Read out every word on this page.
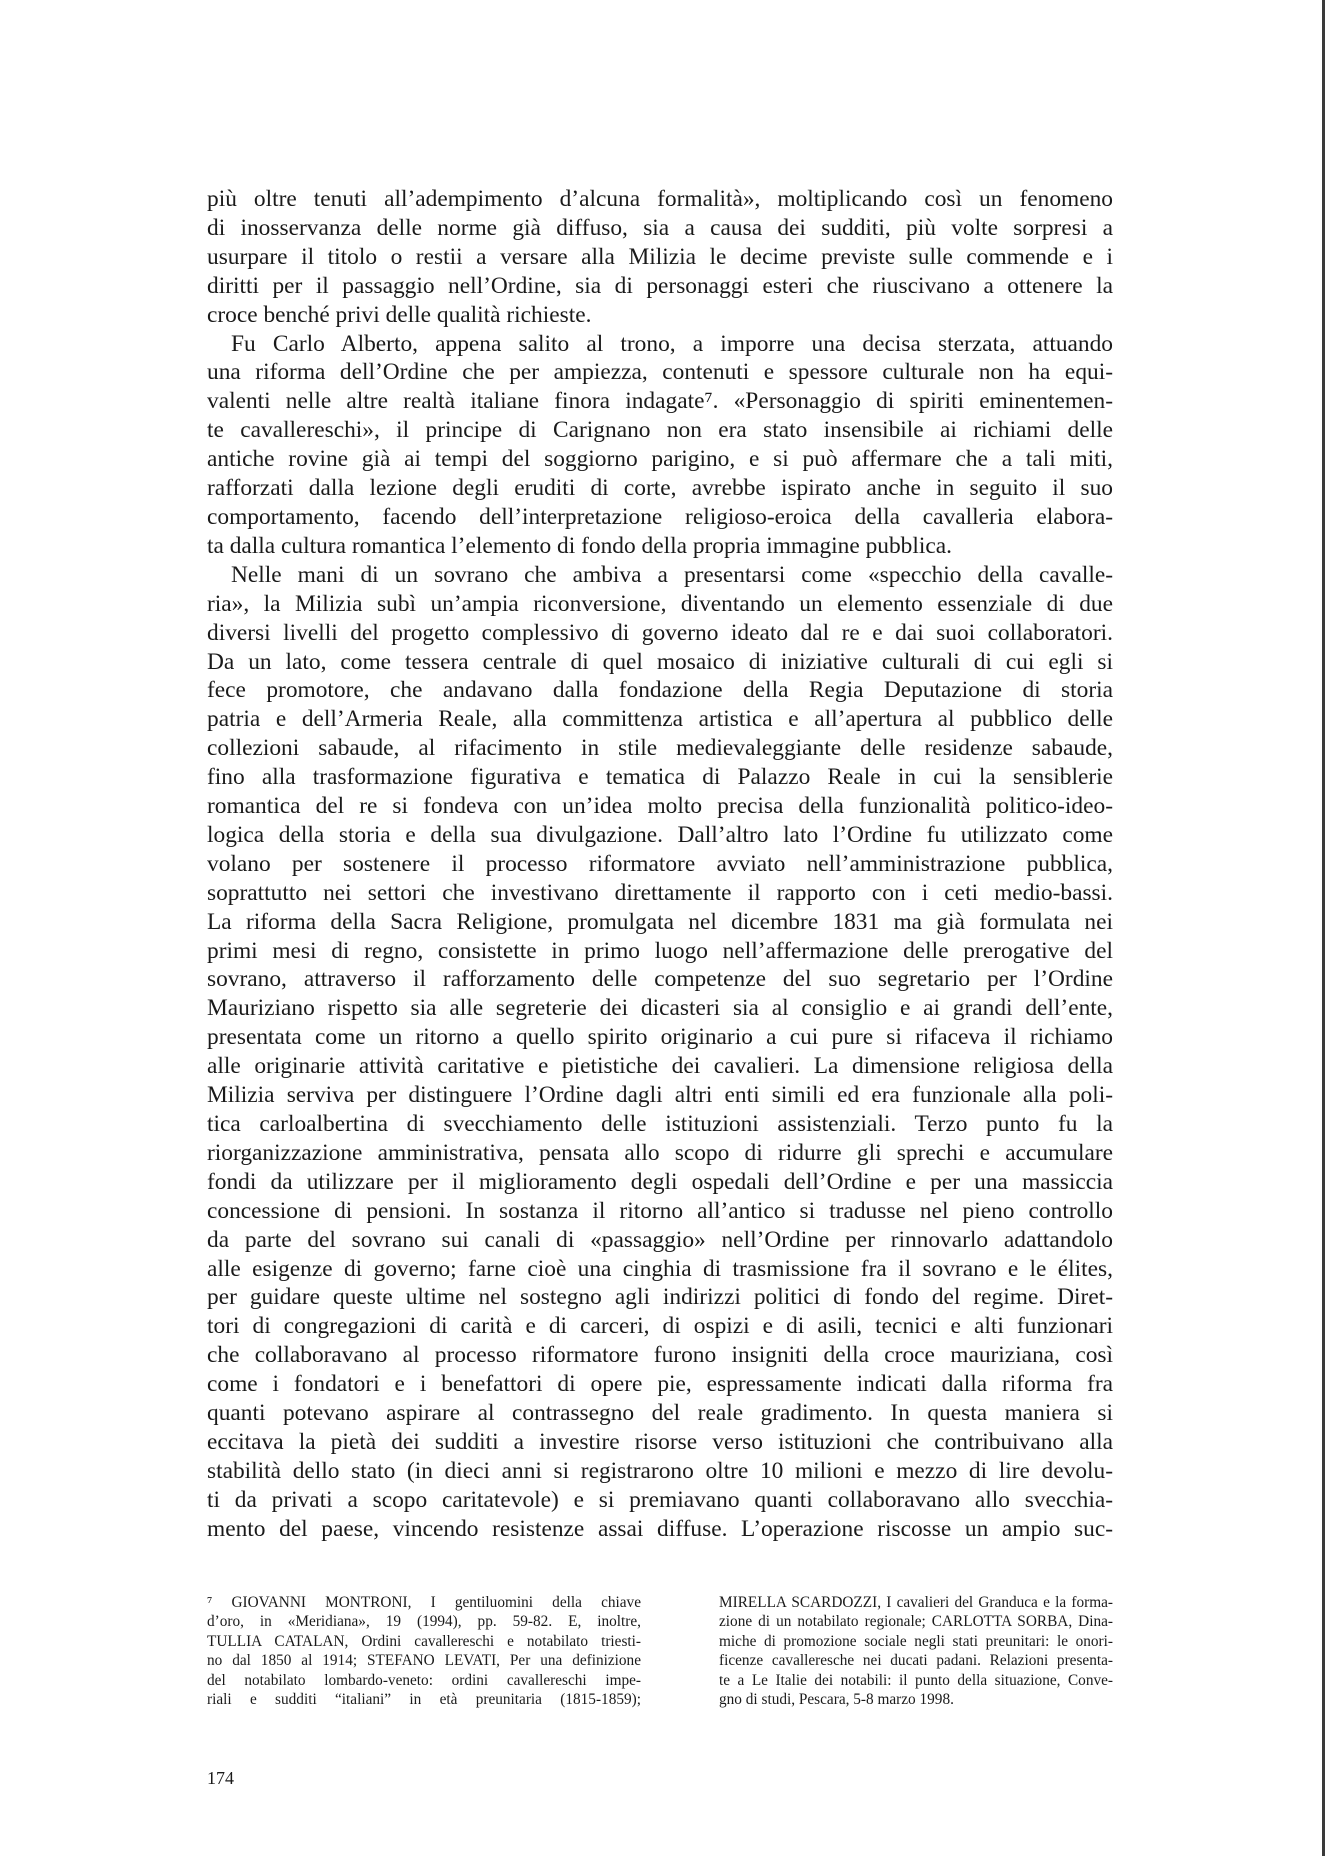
più oltre tenuti all’adempimento d’alcuna formalità», moltiplicando così un fenomeno
di inosservanza delle norme già diffuso, sia a causa dei sudditi, più volte sorpresi a
usurpare il titolo o restii a versare alla Milizia le decime previste sulle commende e i
diritti per il passaggio nell’Ordine, sia di personaggi esteri che riuscivano a ottenere la

croce benché privi delle qualità richieste.

Fu Carlo Alberto, appena salito al trono, a imporre una decisa sterzata, attuando
una riforma dell’Ordine che per ampiezza, contenuti e spessore culturale non ha equi-
valenti nelle altre realtà italiane finora indagate⁷. «Personaggio di spiriti eminentemen-
te cavallereschi», il principe di Carignano non era stato insensibile ai richiami delle
antiche rovine già ai tempi del soggiorno parigino, e si può affermare che a tali miti,
rafforzati dalla lezione degli eruditi di corte, avrebbe ispirato anche in seguito il suo
comportamento, facendo dell’interpretazione religioso-eroica della cavalleria elabora-

ta dalla cultura romantica l’elemento di fondo della propria immagine pubblica.

Nelle mani di un sovrano che ambiva a presentarsi come «specchio della cavalle-
ria», la Milizia subì un’ampia riconversione, diventando un elemento essenziale di due
diversi livelli del progetto complessivo di governo ideato dal re e dai suoi collaboratori.
Da un lato, come tessera centrale di quel mosaico di iniziative culturali di cui egli si
fece promotore, che andavano dalla fondazione della Regia Deputazione di storia
patria e dell’Armeria Reale, alla committenza artistica e all’apertura al pubblico delle
collezioni sabaude, al rifacimento in stile medievaleggiante delle residenze sabaude,
fino alla trasformazione figurativa e tematica di Palazzo Reale in cui la sensiblerie
romantica del re si fondeva con un’idea molto precisa della funzionalità politico-ideo-
logica della storia e della sua divulgazione. Dall’altro lato l’Ordine fu utilizzato come
volano per sostenere il processo riformatore avviato nell’amministrazione pubblica,
soprattutto nei settori che investivano direttamente il rapporto con i ceti medio-bassi.
La riforma della Sacra Religione, promulgata nel dicembre 1831 ma già formulata nei
primi mesi di regno, consistette in primo luogo nell’affermazione delle prerogative del
sovrano, attraverso il rafforzamento delle competenze del suo segretario per l’Ordine
Mauriziano rispetto sia alle segreterie dei dicasteri sia al consiglio e ai grandi dell’ente,
presentata come un ritorno a quello spirito originario a cui pure si rifaceva il richiamo
alle originarie attività caritative e pietistiche dei cavalieri. La dimensione religiosa della
Milizia serviva per distinguere l’Ordine dagli altri enti simili ed era funzionale alla poli-
tica carloalbertina di svecchiamento delle istituzioni assistenziali. Terzo punto fu la
riorganizzazione amministrativa, pensata allo scopo di ridurre gli sprechi e accumulare
fondi da utilizzare per il miglioramento degli ospedali dell’Ordine e per una massiccia
concessione di pensioni. In sostanza il ritorno all’antico si tradusse nel pieno controllo
da parte del sovrano sui canali di «passaggio» nell’Ordine per rinnovarlo adattandolo
alle esigenze di governo; farne cioè una cinghia di trasmissione fra il sovrano e le élites,
per guidare queste ultime nel sostegno agli indirizzi politici di fondo del regime. Diret-
tori di congregazioni di carità e di carceri, di ospizi e di asili, tecnici e alti funzionari
che collaboravano al processo riformatore furono insigniti della croce mauriziana, così
come i fondatori e i benefattori di opere pie, espressamente indicati dalla riforma fra
quanti potevano aspirare al contrassegno del reale gradimento. In questa maniera si
eccitava la pietà dei sudditi a investire risorse verso istituzioni che contribuivano alla
stabilità dello stato (in dieci anni si registrarono oltre 10 milioni e mezzo di lire devolu-
ti da privati a scopo caritatevole) e si premiavano quanti collaboravano allo svecchia-
mento del paese, vincendo resistenze assai diffuse. L’operazione riscosse un ampio suc-

⁷ GIOVANNI MONTRONI, I gentiluomini della chiave
d’oro, in «Meridiana», 19 (1994), pp. 59-82. E, inoltre,
TULLIA CATALAN, Ordini cavallereschi e notabilato triesti-
no dal 1850 al 1914; STEFANO LEVATI, Per una definizione
del notabilato lombardo-veneto: ordini cavallereschi impe-
riali e sudditi “italiani” in età preunitaria (1815-1859);

MIRELLA SCARDOZZI, I cavalieri del Granduca e la forma-
zione di un notabilato regionale; CARLOTTA SORBA, Dina-
miche di promozione sociale negli stati preunitari: le onori-
ficenze cavalleresche nei ducati padani. Relazioni presenta-
te a Le Italie dei notabili: il punto della situazione, Conve-

gno di studi, Pescara, 5-8 marzo 1998.

174
